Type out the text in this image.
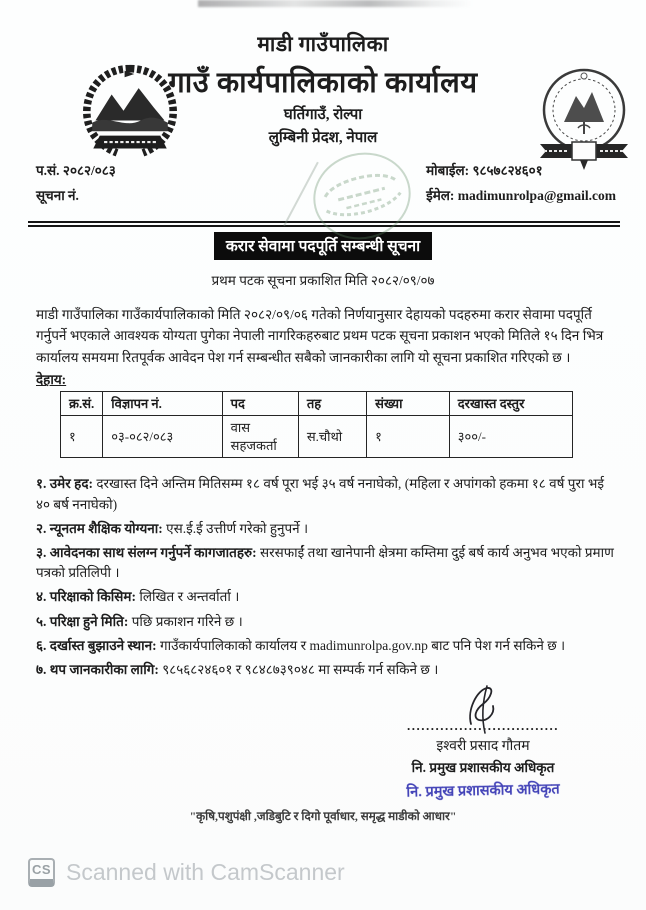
माडी गाउँपालिका
गाउँ कार्यपालिकाको कार्यालय
घर्तिगाउँ, रोल्पा
लुम्बिनी प्रेदश, नेपाल
प.सं. २०८२/०८३
सूचना नं.
मोबाईल: ९८५७८२४६०१
ईमेल: madimunrolpa@gmail.com
करार सेवामा पदपूर्ति सम्बन्धी सूचना
प्रथम पटक सूचना प्रकाशित मिति २०८२/०९/०७
माडी गाउँपालिका गाउँकार्यपालिकाको मिति २०८२/०९/०६ गतेको निर्णयानुसार देहायको पदहरुमा करार सेवामा पदपूर्ति गर्नुपर्ने भएकाले आवश्यक योग्यता पुगेका नेपाली नागरिकहरुबाट प्रथम पटक सूचना प्रकाशन भएको मितिले १५ दिन भित्र कार्यालय समयमा रितपूर्वक आवेदन पेश गर्न सम्बन्धीत सबैको जानकारीका लागि यो सूचना प्रकाशित गरिएको छ ।
देहाय:
क्र.सं.	विज्ञापन नं.	पद	तह	संख्या	दरखास्त दस्तुर
१	०३-०८२/०८३	वास सहजकर्ता	स.चौथो	१	३००/-
१. उमेर हद: दरखास्त दिने अन्तिम मितिसम्म १८ वर्ष पूरा भई ३५ वर्ष ननाघेको, (महिला र अपांगको हकमा १८ वर्ष पुरा भई ४० बर्ष ननाघेको)
२. न्यूनतम शैक्षिक योग्यना: एस.ई.ई उत्तीर्ण गरेको हुनुपर्ने ।
३. आवेदनका साथ संलग्न गर्नुपर्ने कागजातहरु: सरसफाईं तथा खानेपानी क्षेत्रमा कम्तिमा दुई बर्ष कार्य अनुभव भएको प्रमाण पत्रको प्रतिलिपी ।
४. परिक्षाको किसिम: लिखित र अन्तर्वार्ता ।
५. परिक्षा हुने मिति: पछि प्रकाशन गरिने छ ।
६. दर्खास्त बुझाउने स्थान: गाउँकार्यपालिकाको कार्यालय र madimunrolpa.gov.np बाट पनि पेश गर्न सकिने छ ।
७. थप जानकारीका लागि: ९८५६८२४६०१ र ९८४८७३९०४८ मा सम्पर्क गर्न सकिने छ ।
................................
इश्वरी प्रसाद गौतम
नि. प्रमुख प्रशासकीय अधिकृत
नि. प्रमुख प्रशासकीय अधिकृत
"कृषि,पशुपंक्षी ,जडिबुटि र दिगो पूर्वाधार, समृद्ध माडीको आधार"
CS Scanned with CamScanner
